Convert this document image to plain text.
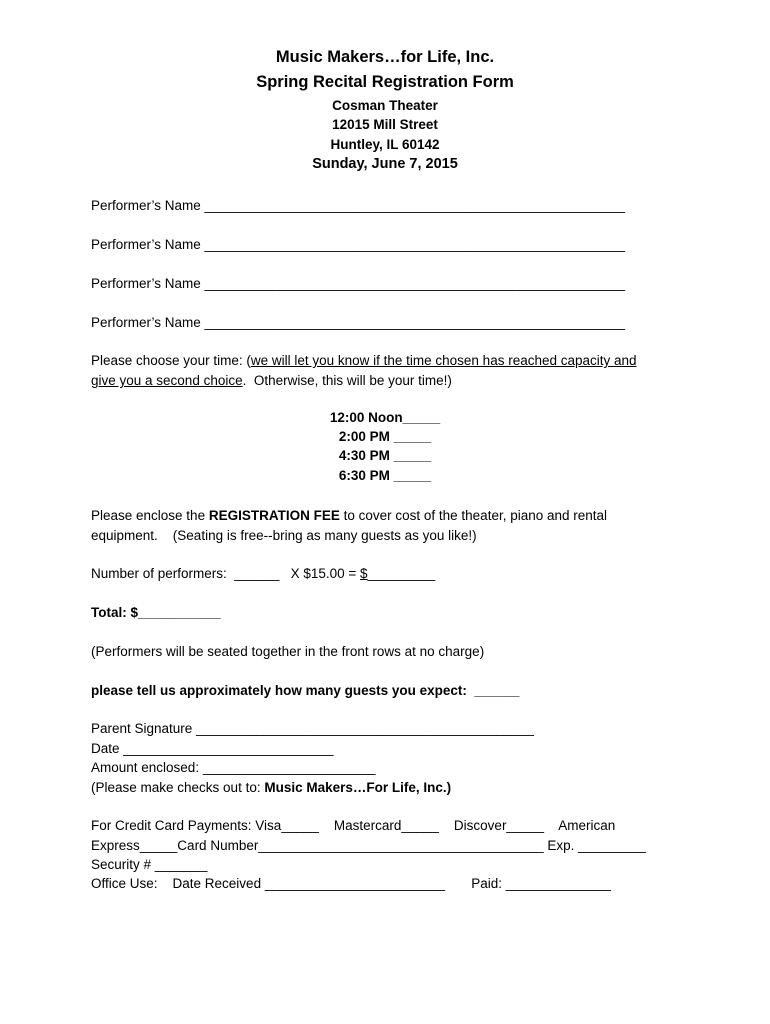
Music Makers…for Life, Inc.
Spring Recital Registration Form
Cosman Theater
12015 Mill Street
Huntley, IL 60142
Sunday, June 7, 2015
Performer’s Name ________________________________________________________
Performer’s Name ________________________________________________________
Performer’s Name ________________________________________________________
Performer’s Name ________________________________________________________
Please choose your time: (we will let you know if the time chosen has reached capacity and
give you a second choice.  Otherwise, this will be your time!)
12:00 Noon_____
2:00 PM _____
4:30 PM _____
6:30 PM _____
Please enclose the REGISTRATION FEE to cover cost of the theater, piano and rental
equipment.    (Seating is free--bring as many guests as you like!)
Number of performers:  ______   X $15.00 = $_________
Total: $___________
(Performers will be seated together in the front rows at no charge)
please tell us approximately how many guests you expect:  ______
Parent Signature _____________________________________________
Date ____________________________
Amount enclosed: _______________________
(Please make checks out to: Music Makers…For Life, Inc.)
For Credit Card Payments: Visa_____    Mastercard_____    Discover_____    American
Express_____Card Number______________________________________ Exp. _________
Security # _______
Office Use:    Date Received ________________________       Paid: ______________
